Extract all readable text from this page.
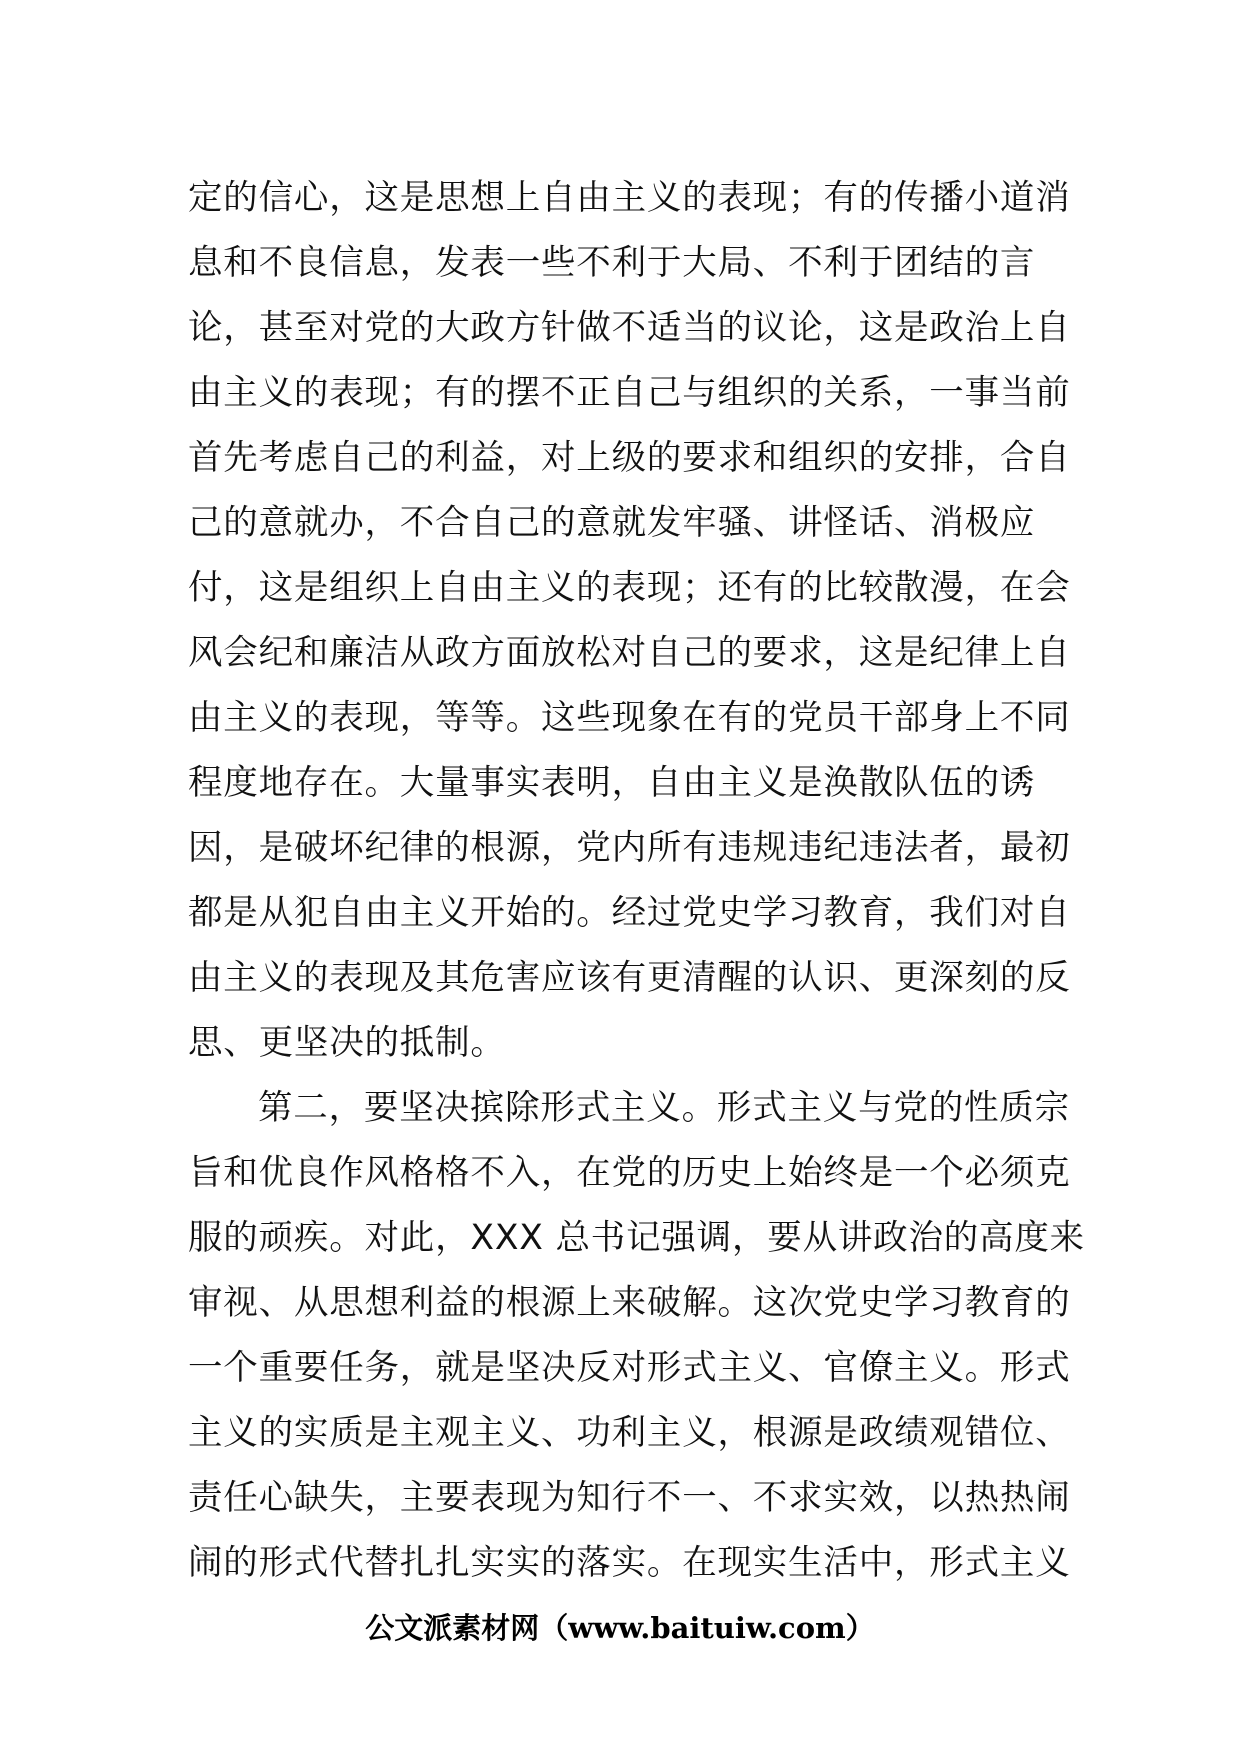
定的信心，这是思想上自由主义的表现；有的传播小道消
息和不良信息，发表一些不利于大局、不利于团结的言
论，甚至对党的大政方针做不适当的议论，这是政治上自
由主义的表现；有的摆不正自己与组织的关系，一事当前
首先考虑自己的利益，对上级的要求和组织的安排，合自
己的意就办，不合自己的意就发牢骚、讲怪话、消极应
付，这是组织上自由主义的表现；还有的比较散漫，在会
风会纪和廉洁从政方面放松对自己的要求，这是纪律上自
由主义的表现，等等。这些现象在有的党员干部身上不同
程度地存在。大量事实表明，自由主义是涣散队伍的诱
因，是破坏纪律的根源，党内所有违规违纪违法者，最初
都是从犯自由主义开始的。经过党史学习教育，我们对自
由主义的表现及其危害应该有更清醒的认识、更深刻的反
思、更坚决的抵制。
第二，要坚决摈除形式主义。形式主义与党的性质宗
旨和优良作风格格不入，在党的历史上始终是一个必须克
服的顽疾。对此，XXX 总书记强调，要从讲政治的高度来
审视、从思想利益的根源上来破解。这次党史学习教育的
一个重要任务，就是坚决反对形式主义、官僚主义。形式
主义的实质是主观主义、功利主义，根源是政绩观错位、
责任心缺失，主要表现为知行不一、不求实效，以热热闹
闹的形式代替扎扎实实的落实。在现实生活中，形式主义
公文派素材网（www.baituiw.com）
